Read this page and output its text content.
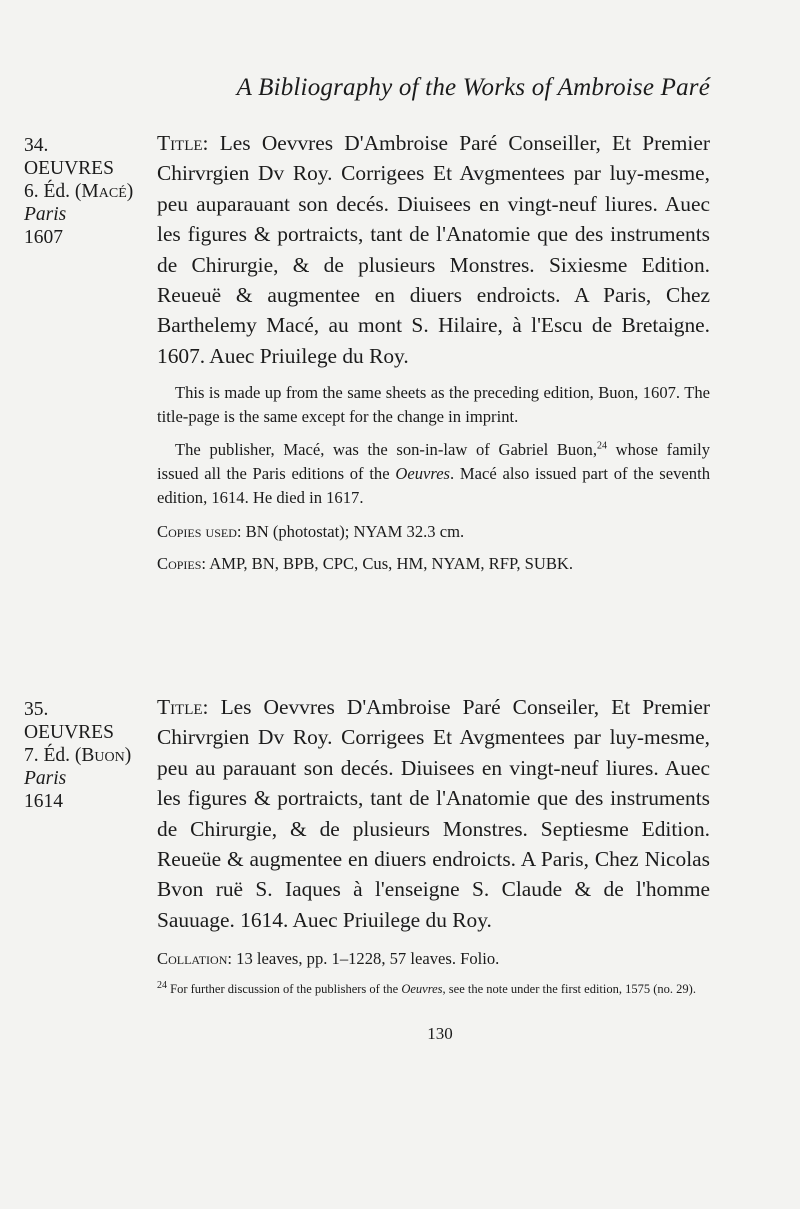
A Bibliography of the Works of Ambroise Paré
34.
OEUVRES
6. Éd. (Macé)
Paris
1607

Title: Les Oevvres D'Ambroise Paré Conseiller, Et Premier Chirvrgien Dv Roy. Corrigees Et Avgmentees par luy-mesme, peu auparauant son decés. Diuisees en vingt-neuf liures. Auec les figures & portraicts, tant de l'Anatomie que des instruments de Chirurgie, & de plusieurs Monstres. Sixiesme Edition. Reueuë & augmentee en diuers endroicts. A Paris, Chez Barthelemy Macé, au mont S. Hilaire, à l'Escu de Bretaigne. 1607. Auec Priuilege du Roy.

This is made up from the same sheets as the preceding edition, Buon, 1607. The title-page is the same except for the change in imprint.

The publisher, Macé, was the son-in-law of Gabriel Buon,$^{24}$ whose family issued all the Paris editions of the Oeuvres. Macé also issued part of the seventh edition, 1614. He died in 1617.

Copies used: BN (photostat); NYAM 32.3 cm.

Copies: AMP, BN, BPB, CPC, Cus, HM, NYAM, RFP, SUBK.

35.
OEUVRES
7. Éd. (Buon)
Paris
1614

Title: Les Oevvres D'Ambroise Paré Conseiler, Et Premier Chirvrgien Dv Roy. Corrigees Et Avgmentees par luy-mesme, peu au parauant son decés. Diuisees en vingt-neuf liures. Auec les figures & portraicts, tant de l'Anatomie que des instruments de Chirurgie, & de plusieurs Monstres. Septiesme Edition. Reueüe & augmentee en diuers endroicts. A Paris, Chez Nicolas Bvon ruë S. Iaques à l'enseigne S. Claude & de l'homme Sauuage. 1614. Auec Priuilege du Roy.

Collation: 13 leaves, pp. 1–1228, 57 leaves. Folio.

$^{24}$ For further discussion of the publishers of the Oeuvres, see the note under the first edition, 1575 (no. 29).

130
